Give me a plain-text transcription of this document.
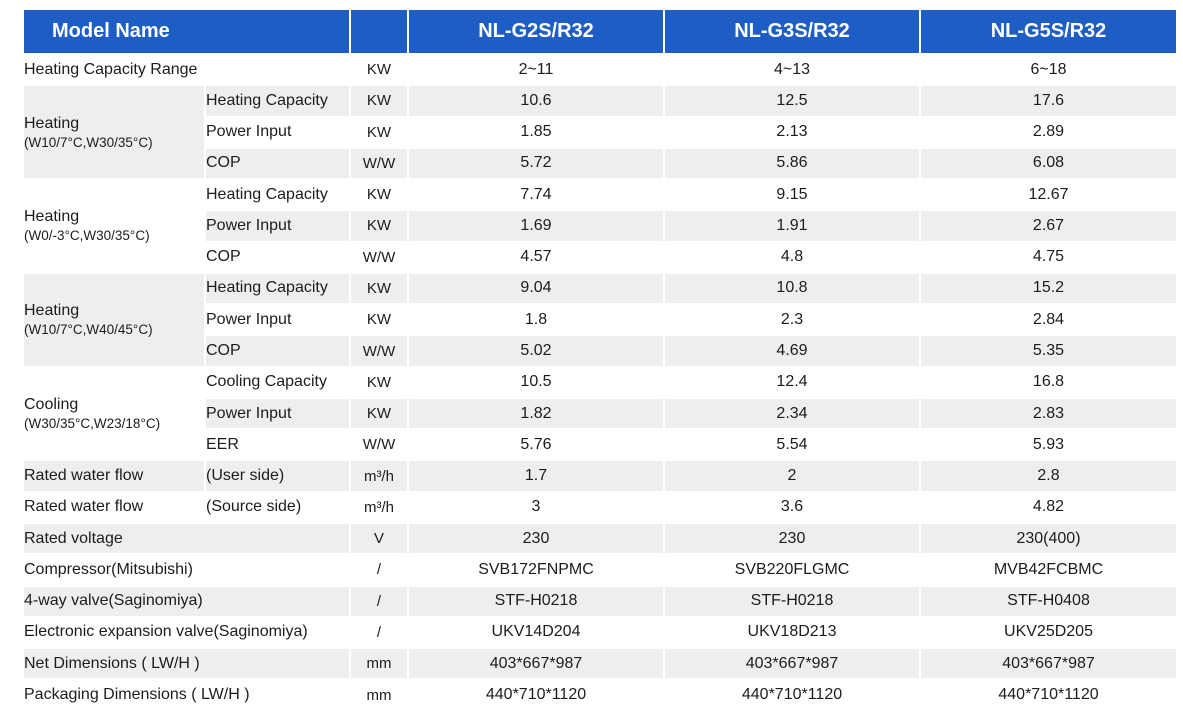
Model Name			NL-G2S/R32	NL-G3S/R32	NL-G5S/R32
Heating Capacity Range		KW	2~11	4~13	6~18

Heating
(W10/7°C,W30/35°C)	Heating Capacity	KW	10.6	12.5	17.6
	Power Input	KW	1.85	2.13	2.89
	COP	W/W	5.72	5.86	6.08

Heating
(W0/-3°C,W30/35°C)	Heating Capacity	KW	7.74	9.15	12.67
	Power Input	KW	1.69	1.91	2.67
	COP	W/W	4.57	4.8	4.75

Heating
(W10/7°C,W40/45°C)	Heating Capacity	KW	9.04	10.8	15.2
	Power Input	KW	1.8	2.3	2.84
	COP	W/W	5.02	4.69	5.35

Cooling
(W30/35°C,W23/18°C)	Cooling Capacity	KW	10.5	12.4	16.8
	Power Input	KW	1.82	2.34	2.83
	EER	W/W	5.76	5.54	5.93
Rated water flow	(User side)	m³/h	1.7	2	2.8
Rated water flow	(Source side)	m³/h	3	3.6	4.82
Rated voltage		V	230	230	230(400)
Compressor(Mitsubishi)		/	SVB172FNPMC	SVB220FLGMC	MVB42FCBMC
4-way valve(Saginomiya)		/	STF-H0218	STF-H0218	STF-H0408
Electronic expansion valve(Saginomiya)		/	UKV14D204	UKV18D213	UKV25D205
Net Dimensions ( LW/H )		mm	403*667*987	403*667*987	403*667*987
Packaging Dimensions ( LW/H )		mm	440*710*1120	440*710*1120	440*710*1120
